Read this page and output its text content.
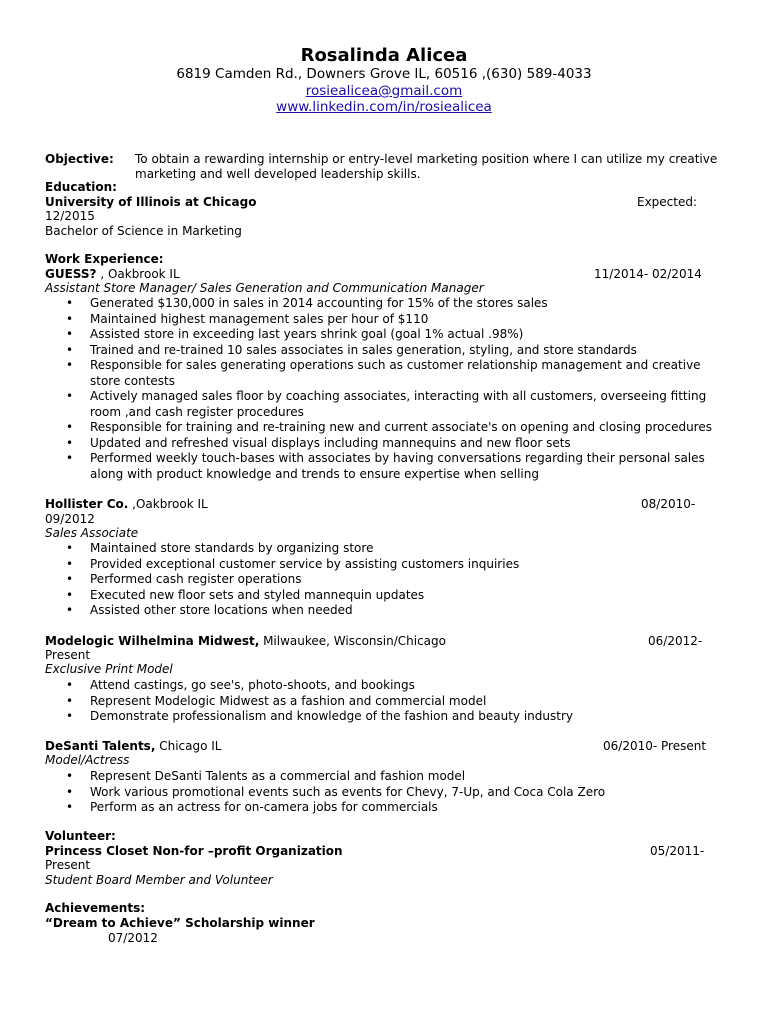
Rosalinda Alicea
6819 Camden Rd., Downers Grove IL, 60516 ,(630) 589-4033
rosiealicea@gmail.com
www.linkedin.com/in/rosiealicea
Objective: To obtain a rewarding internship or entry-level marketing position where I can utilize my creative
marketing and well developed leadership skills.
Education:
University of Illinois at Chicago	Expected:
12/2015
Bachelor of Science in Marketing
Work Experience:
GUESS? , Oakbrook IL	11/2014- 02/2014
Assistant Store Manager/ Sales Generation and Communication Manager
• Generated $130,000 in sales in 2014 accounting for 15% of the stores sales
• Maintained highest management sales per hour of $110
• Assisted store in exceeding last years shrink goal (goal 1% actual .98%)
• Trained and re-trained 10 sales associates in sales generation, styling, and store standards
• Responsible for sales generating operations such as customer relationship management and creative
store contests
• Actively managed sales floor by coaching associates, interacting with all customers, overseeing fitting
room ,and cash register procedures
• Responsible for training and re-training new and current associate's on opening and closing procedures
• Updated and refreshed visual displays including mannequins and new floor sets
• Performed weekly touch-bases with associates by having conversations regarding their personal sales
along with product knowledge and trends to ensure expertise when selling
Hollister Co. ,Oakbrook IL	08/2010-
09/2012
Sales Associate
• Maintained store standards by organizing store
• Provided exceptional customer service by assisting customers inquiries
• Performed cash register operations
• Executed new floor sets and styled mannequin updates
• Assisted other store locations when needed
Modelogic Wilhelmina Midwest, Milwaukee, Wisconsin/Chicago	06/2012-
Present
Exclusive Print Model
• Attend castings, go see's, photo-shoots, and bookings
• Represent Modelogic Midwest as a fashion and commercial model
• Demonstrate professionalism and knowledge of the fashion and beauty industry
DeSanti Talents, Chicago IL	06/2010- Present
Model/Actress
• Represent DeSanti Talents as a commercial and fashion model
• Work various promotional events such as events for Chevy, 7-Up, and Coca Cola Zero
• Perform as an actress for on-camera jobs for commercials
Volunteer:
Princess Closet Non-for –profit Organization	05/2011-
Present
Student Board Member and Volunteer
Achievements:
“Dream to Achieve” Scholarship winner
07/2012
